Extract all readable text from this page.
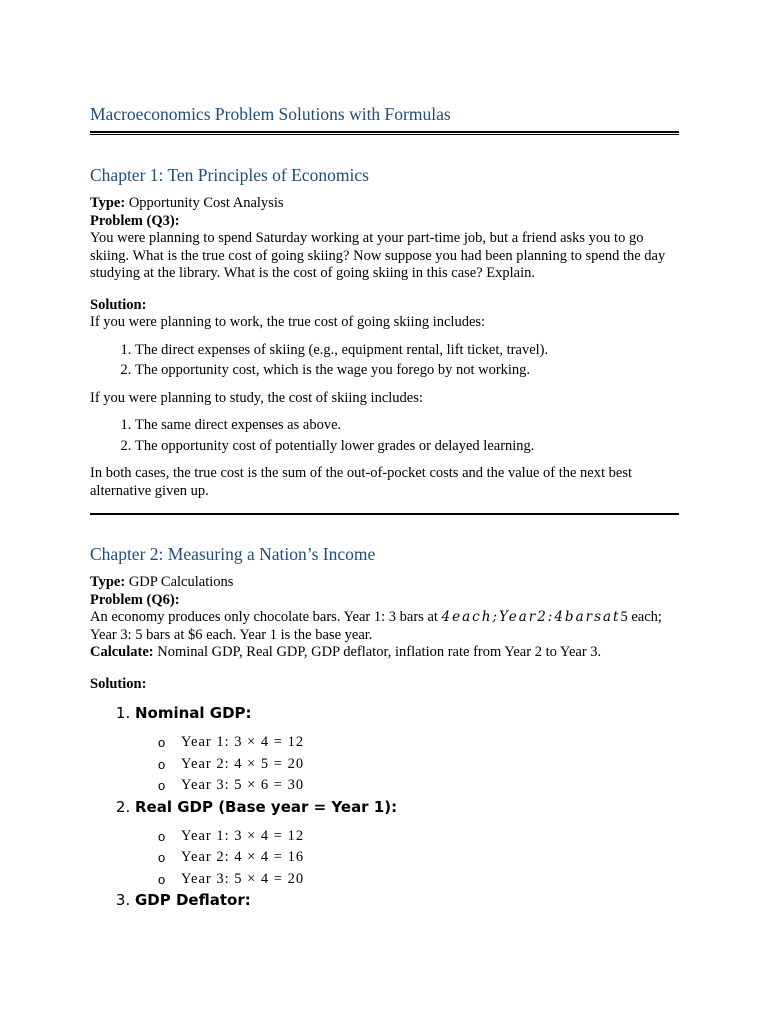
Macroeconomics Problem Solutions with Formulas
Chapter 1: Ten Principles of Economics

Type: Opportunity Cost Analysis

Problem (Q3):

You were planning to spend Saturday working at your part-time job, but a friend asks you to go skiing. What is the true cost of going skiing? Now suppose you had been planning to spend the day studying at the library. What is the cost of going skiing in this case? Explain.

Solution:

If you were planning to work, the true cost of going skiing includes:

1. The direct expenses of skiing (e.g., equipment rental, lift ticket, travel).
2. The opportunity cost, which is the wage you forego by not working.

If you were planning to study, the cost of skiing includes:

1. The same direct expenses as above.
2. The opportunity cost of potentially lower grades or delayed learning.

In both cases, the true cost is the sum of the out-of-pocket costs and the value of the next best alternative given up.

Chapter 2: Measuring a Nation’s Income

Type: GDP Calculations

Problem (Q6):

An economy produces only chocolate bars. Year 1: 3 bars at 4each;Year2:4barsat5 each; Year 3: 5 bars at $6 each. Year 1 is the base year.

Calculate: Nominal GDP, Real GDP, GDP deflator, inflation rate from Year 2 to Year 3.

Solution:

1. Nominal GDP:
o Year 1: 3 × 4 = 12
o Year 2: 4 × 5 = 20
o Year 3: 5 × 6 = 30
2. Real GDP (Base year = Year 1):
o Year 1: 3 × 4 = 12
o Year 2: 4 × 4 = 16
o Year 3: 5 × 4 = 20
3. GDP Deflator:
